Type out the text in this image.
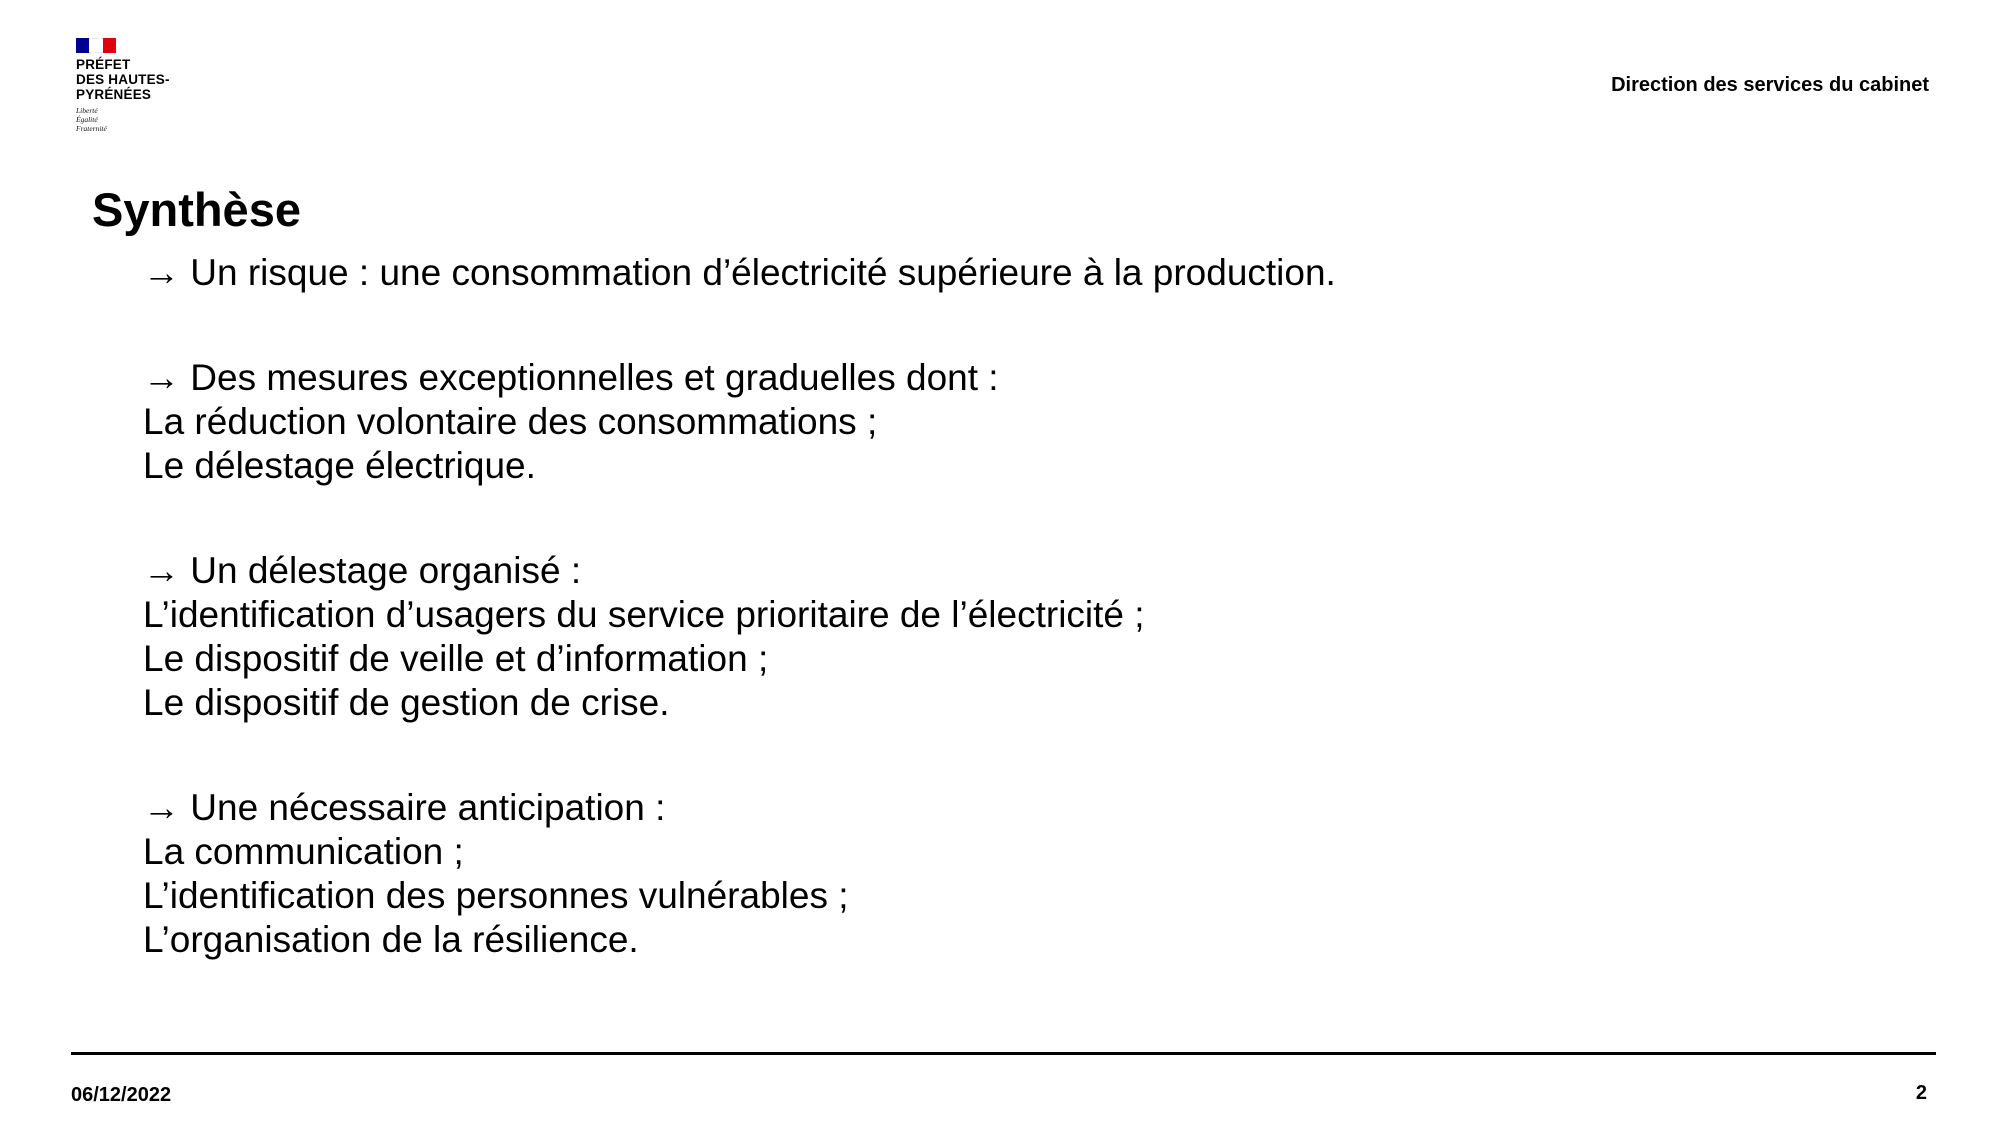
PRÉFET
DES HAUTES-
PYRÉNÉES
Liberté
Égalité
Fraternité
Direction des services du cabinet
Synthèse

→ Un risque : une consommation d’électricité supérieure à la production.

→ Des mesures exceptionnelles et graduelles dont :
La réduction volontaire des consommations ;
Le délestage électrique.

→ Un délestage organisé :
L’identification d’usagers du service prioritaire de l’électricité ;
Le dispositif de veille et d’information ;
Le dispositif de gestion de crise.

→ Une nécessaire anticipation :
La communication ;
L’identification des personnes vulnérables ;
L’organisation de la résilience.

06/12/2022	2
